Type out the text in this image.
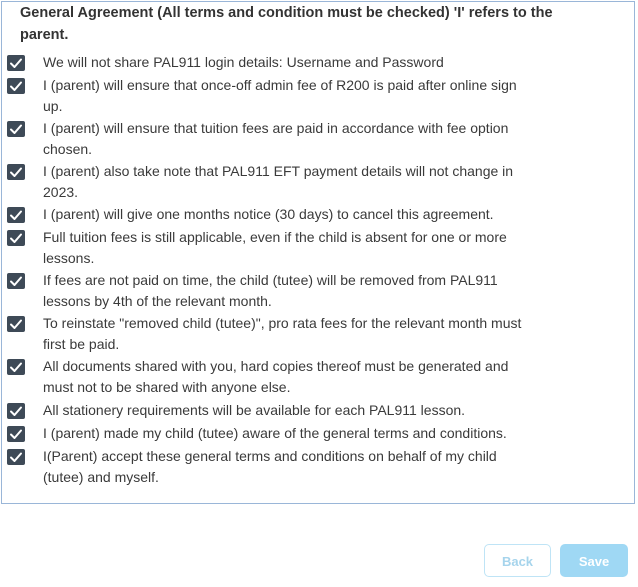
General Agreement (All terms and condition must be checked) 'I' refers to the
parent.
We will not share PAL911 login details: Username and Password
I (parent) will ensure that once-off admin fee of R200 is paid after online sign
up.
I (parent) will ensure that tuition fees are paid in accordance with fee option
chosen.
I (parent) also take note that PAL911 EFT payment details will not change in
2023.
I (parent) will give one months notice (30 days) to cancel this agreement.
Full tuition fees is still applicable, even if the child is absent for one or more
lessons.
If fees are not paid on time, the child (tutee) will be removed from PAL911
lessons by 4th of the relevant month.
To reinstate "removed child (tutee)", pro rata fees for the relevant month must
first be paid.
All documents shared with you, hard copies thereof must be generated and
must not to be shared with anyone else.
All stationery requirements will be available for each PAL911 lesson.
I (parent) made my child (tutee) aware of the general terms and conditions.
I(Parent) accept these general terms and conditions on behalf of my child
(tutee) and myself.
Back	Save
